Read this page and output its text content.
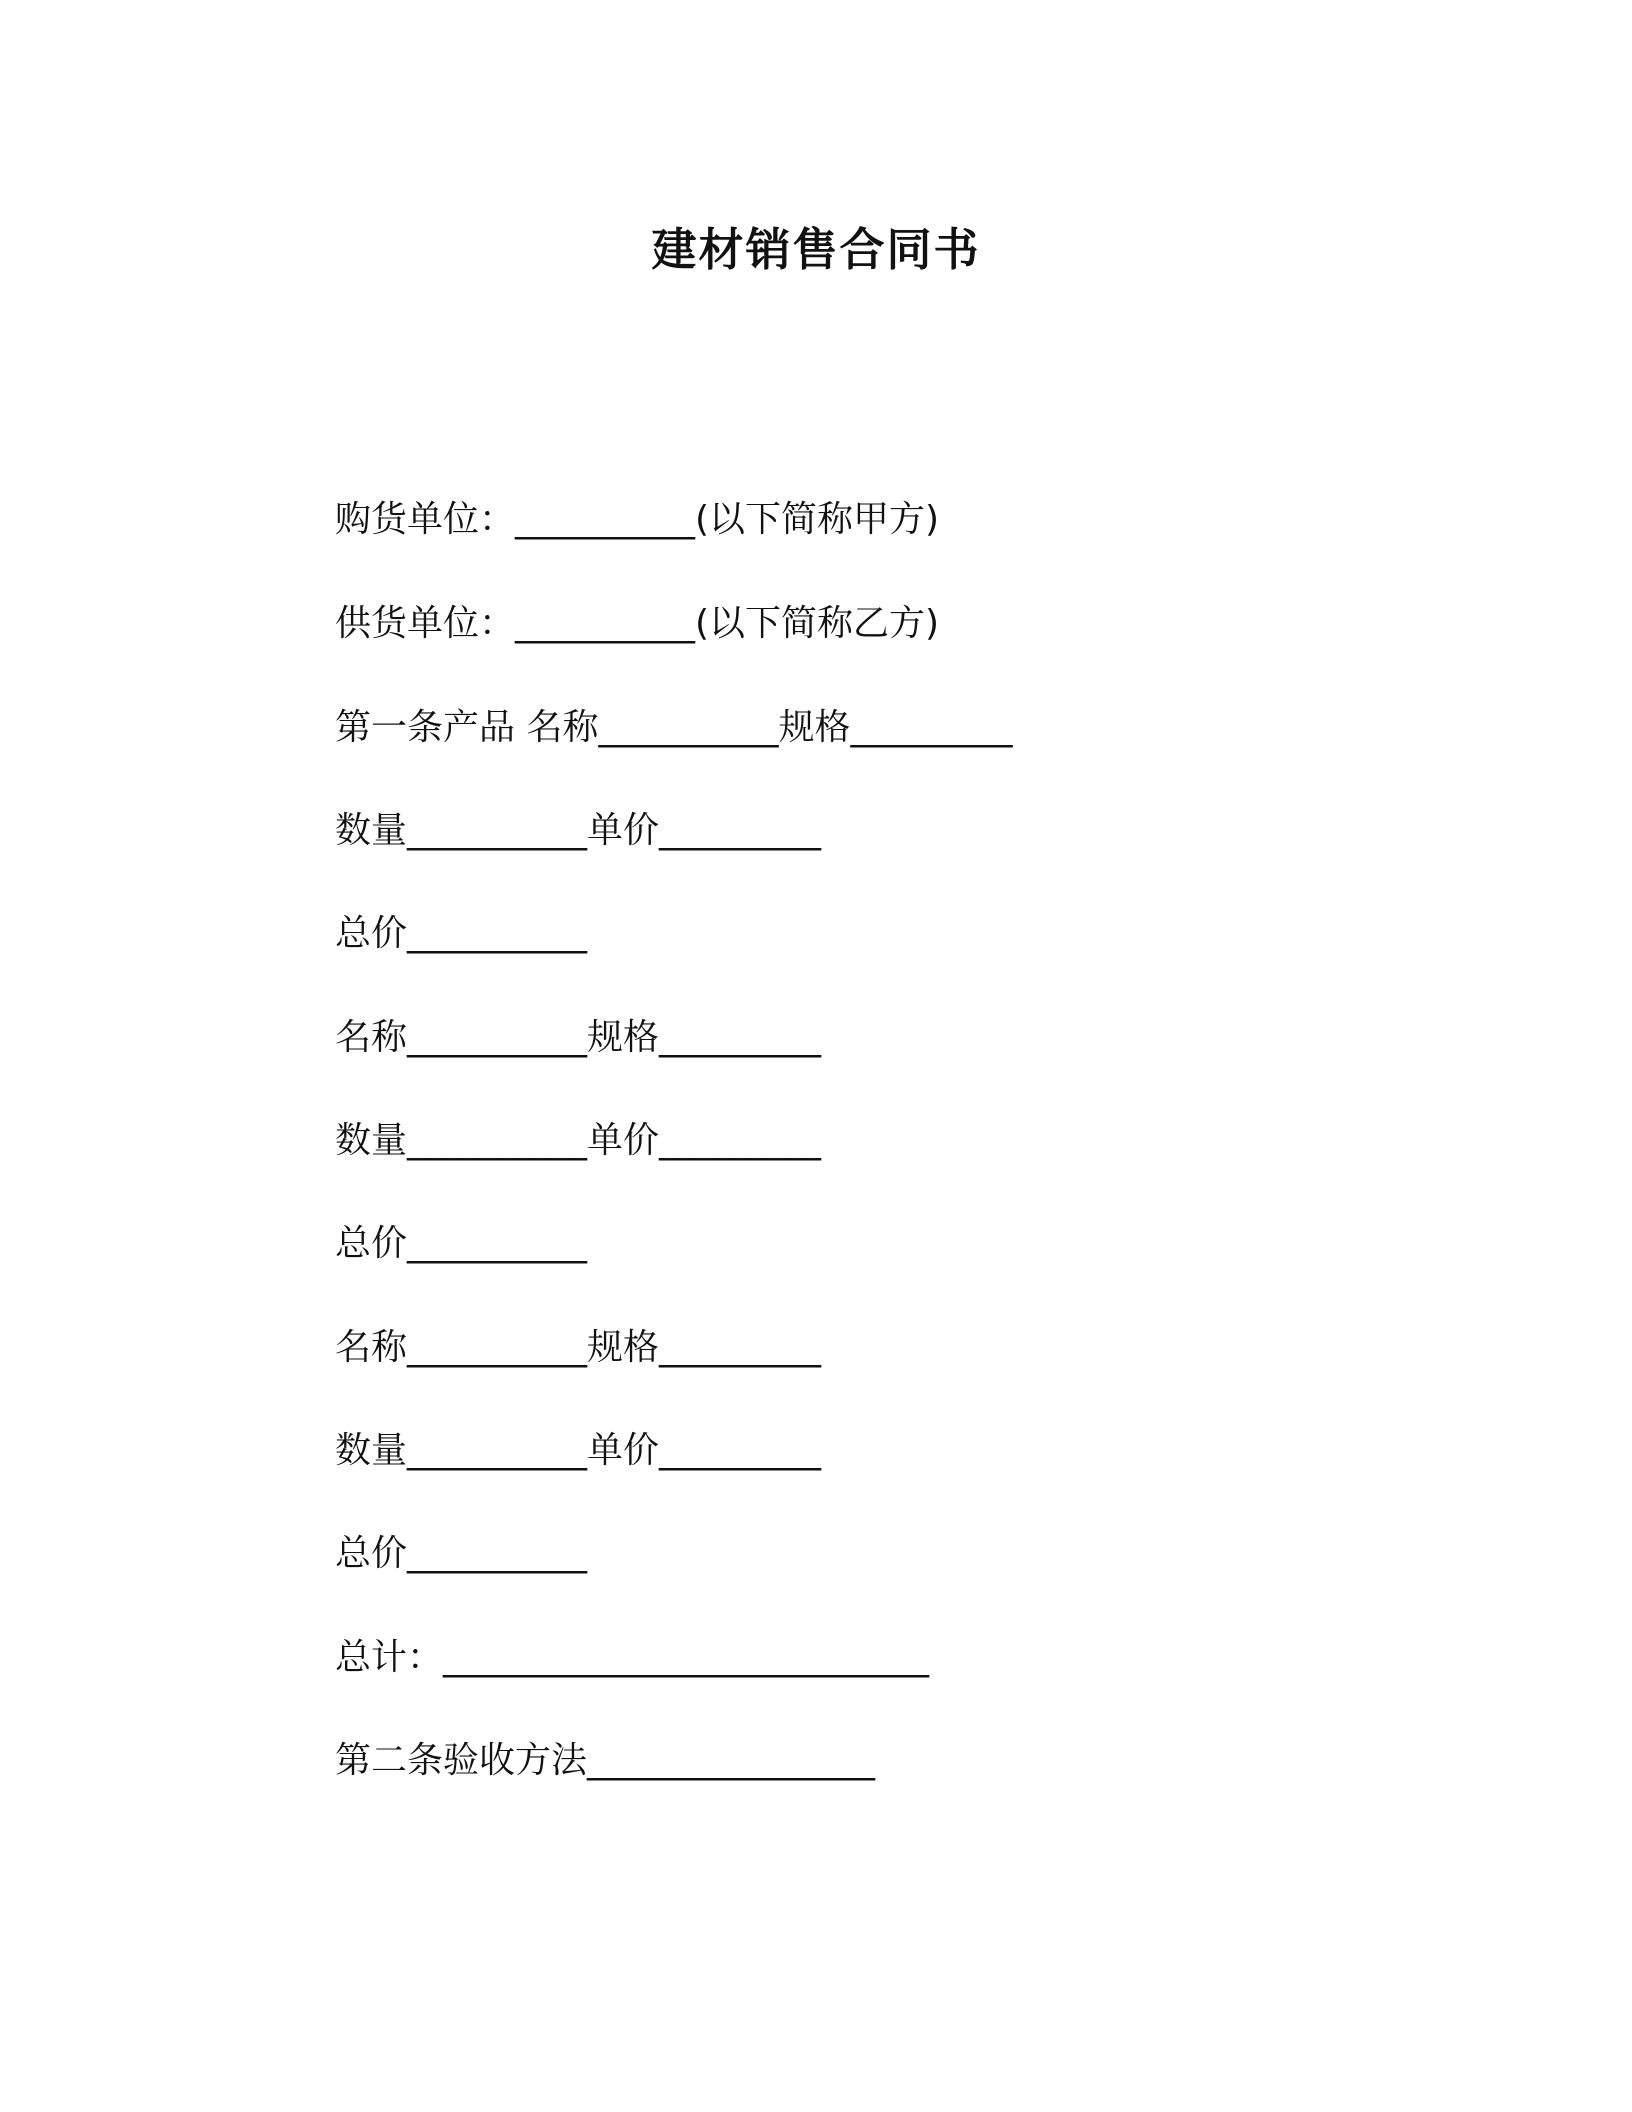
建材销售合同书
购货单位：__________(以下简称甲方)
供货单位：__________(以下简称乙方)
第一条产品 名称__________规格_________
数量__________单价_________
总价__________
名称__________规格_________
数量__________单价_________
总价__________
名称__________规格_________
数量__________单价_________
总价__________
总计：___________________________
第二条验收方法________________
